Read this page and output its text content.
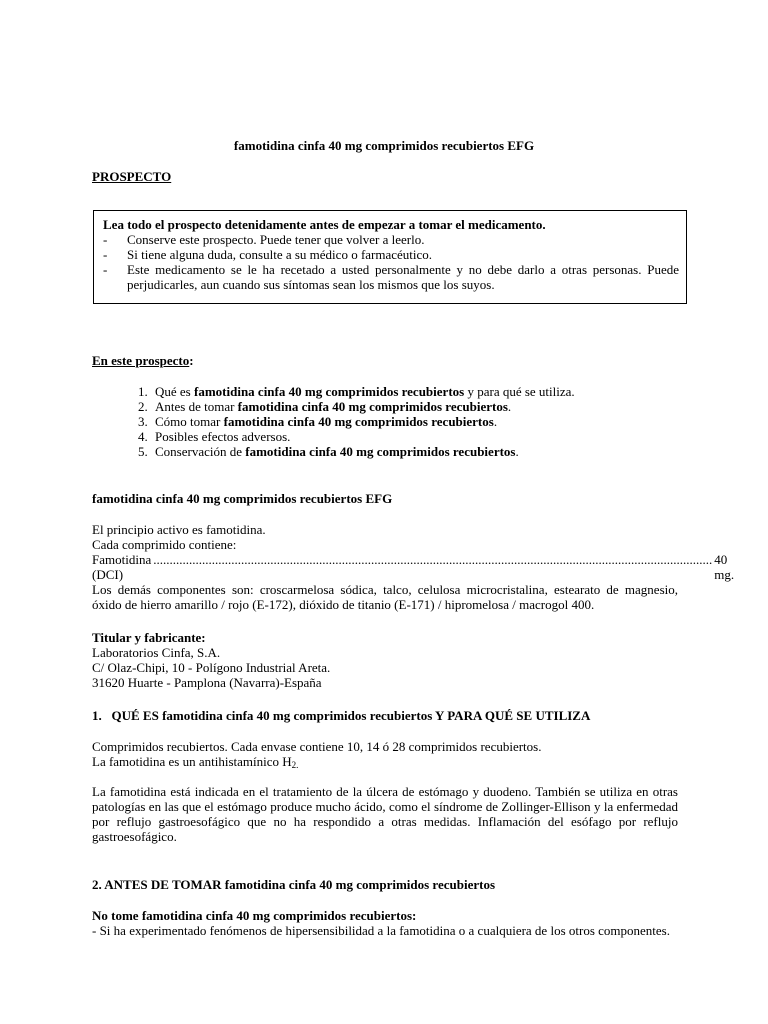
famotidina cinfa 40 mg comprimidos recubiertos EFG
PROSPECTO
Lea todo el prospecto detenidamente antes de empezar a tomar el medicamento.
- Conserve este prospecto. Puede tener que volver a leerlo.
- Si tiene alguna duda, consulte a su médico o farmacéutico.
- Este medicamento se le ha recetado a usted personalmente y no debe darlo a otras personas. Puede perjudicarles, aun cuando sus síntomas sean los mismos que los suyos.
En este prospecto:
1. Qué es famotidina cinfa 40 mg comprimidos recubiertos y para qué se utiliza.
2. Antes de tomar famotidina cinfa 40 mg comprimidos recubiertos.
3. Cómo tomar famotidina cinfa 40 mg comprimidos recubiertos.
4. Posibles efectos adversos.
5. Conservación de famotidina cinfa 40 mg comprimidos recubiertos.
famotidina cinfa 40 mg comprimidos recubiertos EFG
El principio activo es famotidina.
Cada comprimido contiene:
Famotidina (DCI)
............................................................................................................................................................................ 40 mg.
Los demás componentes son: croscarmelosa sódica, talco, celulosa microcristalina, estearato de magnesio, óxido de hierro amarillo / rojo (E-172), dióxido de titanio (E-171) / hipromelosa / macrogol 400.
Titular y fabricante:
Laboratorios Cinfa, S.A.
C/ Olaz-Chipi, 10 - Polígono Industrial Areta.
31620 Huarte - Pamplona (Navarra)-España
1.   QUÉ ES famotidina cinfa 40 mg comprimidos recubiertos Y PARA QUÉ SE UTILIZA
Comprimidos recubiertos. Cada envase contiene 10, 14 ó 28 comprimidos recubiertos.
La famotidina es un antihistamínico $H_{2.}$
La famotidina está indicada en el tratamiento de la úlcera de estómago y duodeno. También se utiliza en otras patologías en las que el estómago produce mucho ácido, como el síndrome de Zollinger-Ellison y la enfermedad por reflujo gastroesofágico que no ha respondido a otras medidas. Inflamación del esófago por reflujo gastroesofágico.
2. ANTES DE TOMAR famotidina cinfa 40 mg comprimidos recubiertos
No tome famotidina cinfa 40 mg comprimidos recubiertos:
- Si ha experimentado fenómenos de hipersensibilidad a la famotidina o a cualquiera de los otros componentes.
